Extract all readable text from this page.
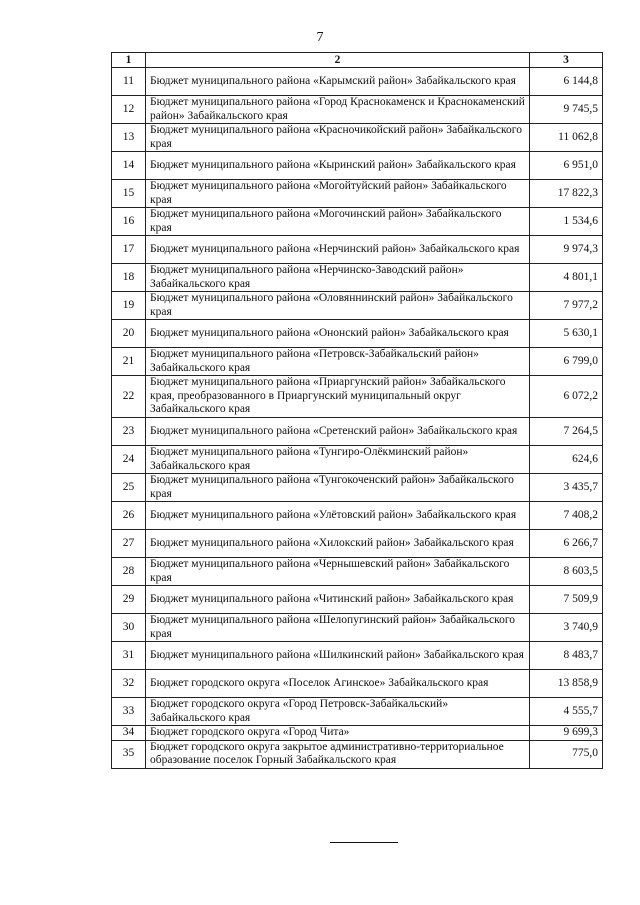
7
1	2	3
11	Бюджет муниципального района «Карымский район» Забайкальского края	6 144,8
12	Бюджет муниципального района «Город Краснокаменск и Краснокаменский район» Забайкальского края	9 745,5
13	Бюджет муниципального района «Красночикойский район» Забайкальского края	11 062,8
14	Бюджет муниципального района «Кыринский район» Забайкальского края	6 951,0
15	Бюджет муниципального района «Могойтуйский район» Забайкальского края	17 822,3
16	Бюджет муниципального района «Могочинский район» Забайкальского края	1 534,6
17	Бюджет муниципального района «Нерчинский район» Забайкальского края	9 974,3
18	Бюджет муниципального района «Нерчинско-Заводский район» Забайкальского края	4 801,1
19	Бюджет муниципального района «Оловяннинский район» Забайкальского края	7 977,2
20	Бюджет муниципального района «Ононский район» Забайкальского края	5 630,1
21	Бюджет муниципального района «Петровск-Забайкальский район» Забайкальского края	6 799,0
22	Бюджет муниципального района «Приаргунский район» Забайкальского края, преобразованного в Приаргунский муниципальный округ Забайкальского края	6 072,2
23	Бюджет муниципального района «Сретенский район» Забайкальского края	7 264,5
24	Бюджет муниципального района «Тунгиро-Олёкминский район» Забайкальского края	624,6
25	Бюджет муниципального района «Тунгокоченский район» Забайкальского края	3 435,7
26	Бюджет муниципального района «Улётовский район» Забайкальского края	7 408,2
27	Бюджет муниципального района «Хилокский район» Забайкальского края	6 266,7
28	Бюджет муниципального района «Чернышевский район» Забайкальского края	8 603,5
29	Бюджет муниципального района «Читинский район» Забайкальского края	7 509,9
30	Бюджет муниципального района «Шелопугинский район» Забайкальского края	3 740,9
31	Бюджет муниципального района «Шилкинский район» Забайкальского края	8 483,7
32	Бюджет городского округа «Поселок Агинское» Забайкальского края	13 858,9
33	Бюджет городского округа «Город Петровск-Забайкальский» Забайкальского края	4 555,7
34	Бюджет городского округа «Город Чита»	9 699,3
35	Бюджет городского округа закрытое административно-территориальное образование поселок Горный Забайкальского края	775,0
